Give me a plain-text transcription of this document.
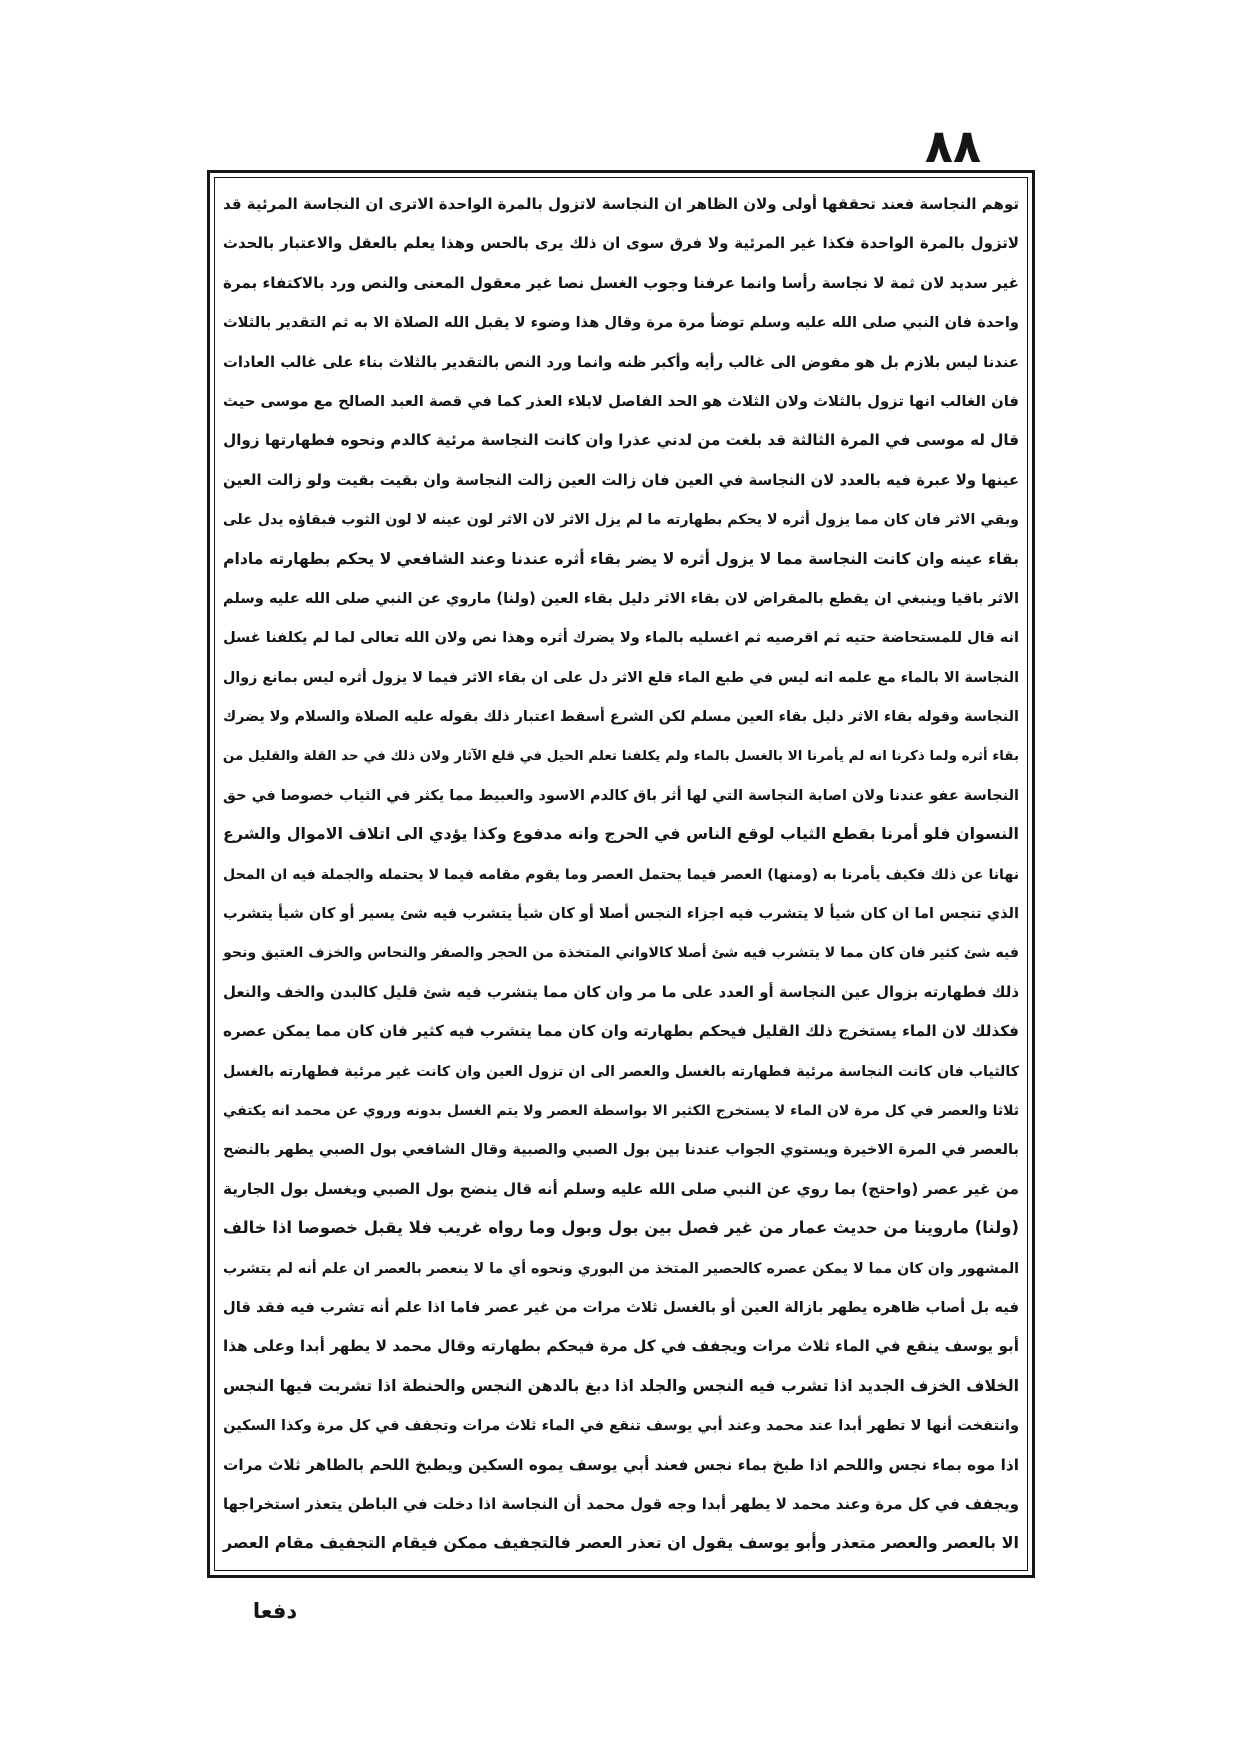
٨٨
توهم النجاسة فعند تحققها أولى ولان الظاهر ان النجاسة لاتزول بالمرة الواحدة الاترى ان النجاسة المرئية قد
لاتزول بالمرة الواحدة فكذا غير المرئية ولا فرق سوى ان ذلك يرى بالحس وهذا يعلم بالعقل والاعتبار بالحدث
غير سديد لان ثمة لا نجاسة رأسا وانما عرفنا وجوب الغسل نصا غير معقول المعنى والنص ورد بالاكتفاء بمرة
واحدة فان النبي صلى الله عليه وسلم توضأ مرة مرة وقال هذا وضوء لا يقبل الله الصلاة الا به ثم التقدير بالثلاث
عندنا ليس بلازم بل هو مفوض الى غالب رأيه وأكبر ظنه وانما ورد النص بالتقدير بالثلاث بناء على غالب العادات
فان الغالب انها تزول بالثلاث ولان الثلاث هو الحد الفاصل لابلاء العذر كما في قصة العبد الصالح مع موسى حيث
قال له موسى في المرة الثالثة قد بلغت من لدني عذرا وان كانت النجاسة مرئية كالدم ونحوه فطهارتها زوال
عينها ولا عبرة فيه بالعدد لان النجاسة في العين فان زالت العين زالت النجاسة وان بقيت بقيت ولو زالت العين
وبقي الاثر فان كان مما يزول أثره لا يحكم بطهارته ما لم يزل الاثر لان الاثر لون عينه لا لون الثوب فبقاؤه يدل على
بقاء عينه وان كانت النجاسة مما لا يزول أثره لا يضر بقاء أثره عندنا وعند الشافعي لا يحكم بطهارته مادام
الاثر باقيا وينبغي ان يقطع بالمقراض لان بقاء الاثر دليل بقاء العين (ولنا) ماروي عن النبي صلى الله عليه وسلم
انه قال للمستحاضة حتيه ثم اقرصيه ثم اغسليه بالماء ولا يضرك أثره وهذا نص ولان الله تعالى لما لم يكلفنا غسل
النجاسة الا بالماء مع علمه انه ليس في طبع الماء قلع الاثر دل على ان بقاء الاثر فيما لا يزول أثره ليس بمانع زوال
النجاسة وقوله بقاء الاثر دليل بقاء العين مسلم لكن الشرع أسقط اعتبار ذلك بقوله عليه الصلاة والسلام ولا يضرك
بقاء أثره ولما ذكرنا انه لم يأمرنا الا بالغسل بالماء ولم يكلفنا تعلم الحيل في قلع الآثار ولان ذلك في حد القلة والقليل من
النجاسة عفو عندنا ولان اصابة النجاسة التي لها أثر باق كالدم الاسود والعبيط مما يكثر في الثياب خصوصا في حق
النسوان فلو أمرنا بقطع الثياب لوقع الناس في الحرج وانه مدفوع وكذا يؤدي الى اتلاف الاموال والشرع
نهانا عن ذلك فكيف يأمرنا به (ومنها) العصر فيما يحتمل العصر وما يقوم مقامه فيما لا يحتمله والجملة فيه ان المحل
الذي تنجس اما ان كان شيأ لا يتشرب فيه اجزاء النجس أصلا أو كان شيأ يتشرب فيه شئ يسير أو كان شيأ يتشرب
فيه شئ كثير فان كان مما لا يتشرب فيه شئ أصلا كالاواني المتخذة من الحجر والصفر والنحاس والخزف العتيق ونحو
ذلك فطهارته بزوال عين النجاسة أو العدد على ما مر وان كان مما يتشرب فيه شئ قليل كالبدن والخف والنعل
فكذلك لان الماء يستخرج ذلك القليل فيحكم بطهارته وان كان مما يتشرب فيه كثير فان كان مما يمكن عصره
كالثياب فان كانت النجاسة مرئية فطهارته بالغسل والعصر الى ان تزول العين وان كانت غير مرئية فطهارته بالغسل
ثلاثا والعصر في كل مرة لان الماء لا يستخرج الكثير الا بواسطة العصر ولا يتم الغسل بدونه وروي عن محمد انه يكتفي
بالعصر في المرة الاخيرة ويستوي الجواب عندنا بين بول الصبي والصبية وقال الشافعي بول الصبي يطهر بالنضح
من غير عصر (واحتج) بما روي عن النبي صلى الله عليه وسلم أنه قال ينضح بول الصبي ويغسل بول الجارية
(ولنا) ماروينا من حديث عمار من غير فصل بين بول وبول وما رواه غريب فلا يقبل خصوصا اذا خالف
المشهور وان كان مما لا يمكن عصره كالحصير المتخذ من البوري ونحوه أي ما لا ينعصر بالعصر ان علم أنه لم يتشرب
فيه بل أصاب ظاهره يطهر بازالة العين أو بالغسل ثلاث مرات من غير عصر فاما اذا علم أنه تشرب فيه فقد قال
أبو يوسف ينقع في الماء ثلاث مرات ويجفف في كل مرة فيحكم بطهارته وقال محمد لا يطهر أبدا وعلى هذا
الخلاف الخزف الجديد اذا تشرب فيه النجس والجلد اذا دبغ بالدهن النجس والحنطة اذا تشربت فيها النجس
وانتفخت أنها لا تطهر أبدا عند محمد وعند أبي يوسف تنقع في الماء ثلاث مرات وتجفف في كل مرة وكذا السكين
اذا موه بماء نجس واللحم اذا طبخ بماء نجس فعند أبي يوسف يموه السكين ويطبخ اللحم بالطاهر ثلاث مرات
ويجفف في كل مرة وعند محمد لا يطهر أبدا وجه قول محمد أن النجاسة اذا دخلت في الباطن يتعذر استخراجها
الا بالعصر والعصر متعذر وأبو يوسف يقول ان تعذر العصر فالتجفيف ممكن فيقام التجفيف مقام العصر
دفعا
